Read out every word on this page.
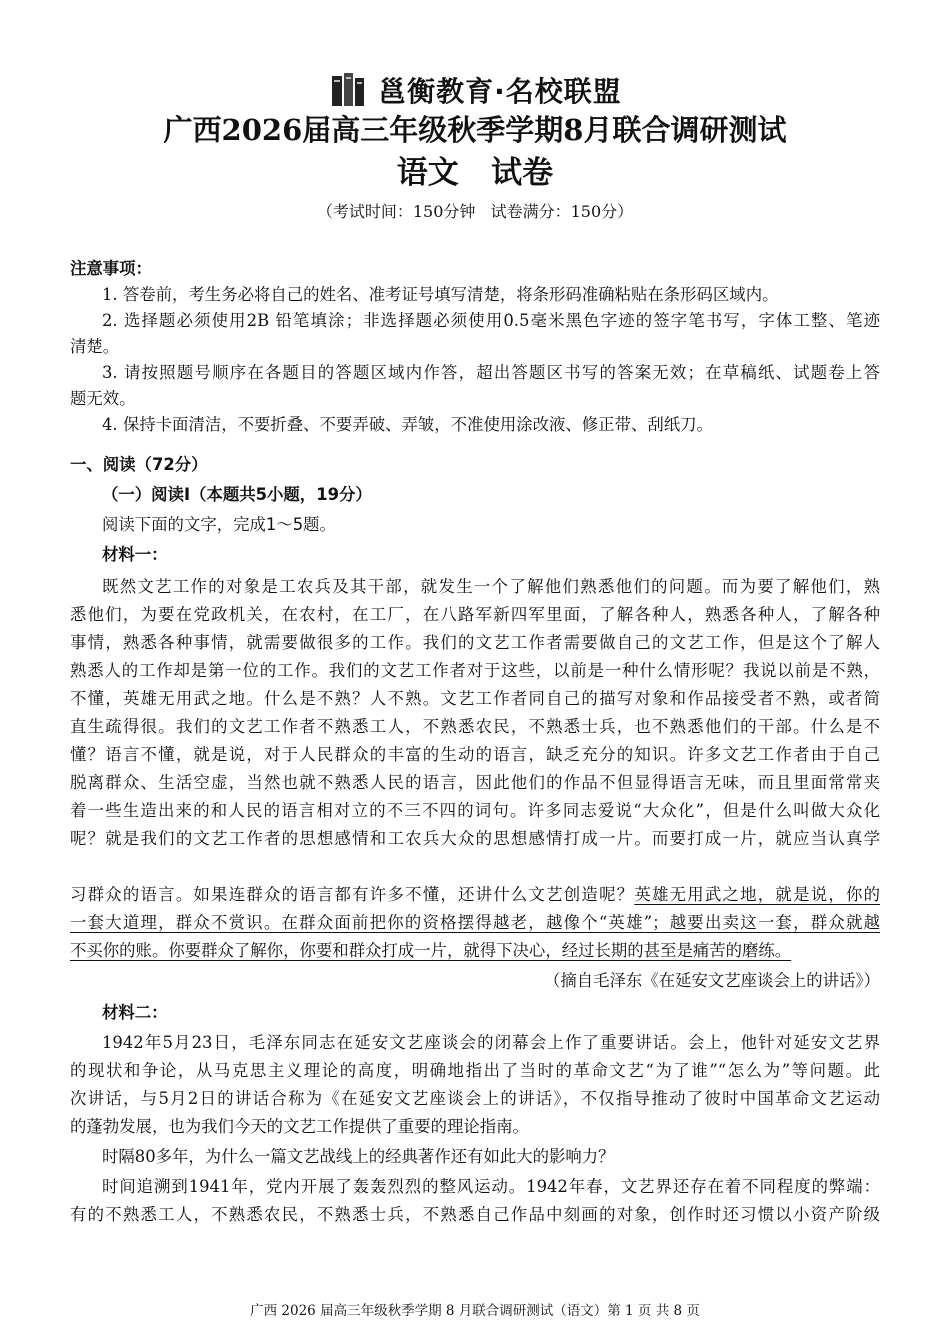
邕衡教育·名校联盟
广西2026届高三年级秋季学期8月联合调研测试
语文   试卷
（考试时间：150分钟   试卷满分：150分）
注意事项：
1. 答卷前，考生务必将自己的姓名、准考证号填写清楚，将条形码准确粘贴在条形码区域内。
2. 选择题必须使用2B 铅笔填涂；非选择题必须使用0.5毫米黑色字迹的签字笔书写，字体工整、笔迹
清楚。
3. 请按照题号顺序在各题目的答题区域内作答，超出答题区书写的答案无效；在草稿纸、试题卷上答
题无效。
4. 保持卡面清洁，不要折叠、不要弄破、弄皱，不准使用涂改液、修正带、刮纸刀。
一、阅读（72分）
（一）阅读Ⅰ（本题共5小题，19分）
阅读下面的文字，完成1～5题。
材料一：
既然文艺工作的对象是工农兵及其干部，就发生一个了解他们熟悉他们的问题。而为要了解他们，熟
悉他们，为要在党政机关，在农村，在工厂，在八路军新四军里面，了解各种人，熟悉各种人，了解各种
事情，熟悉各种事情，就需要做很多的工作。我们的文艺工作者需要做自己的文艺工作，但是这个了解人
熟悉人的工作却是第一位的工作。我们的文艺工作者对于这些，以前是一种什么情形呢？我说以前是不熟，
不懂，英雄无用武之地。什么是不熟？人不熟。文艺工作者同自己的描写对象和作品接受者不熟，或者简
直生疏得很。我们的文艺工作者不熟悉工人，不熟悉农民，不熟悉士兵，也不熟悉他们的干部。什么是不
懂？语言不懂，就是说，对于人民群众的丰富的生动的语言，缺乏充分的知识。许多文艺工作者由于自己
脱离群众、生活空虚，当然也就不熟悉人民的语言，因此他们的作品不但显得语言无味，而且里面常常夹
着一些生造出来的和人民的语言相对立的不三不四的词句。许多同志爱说“大众化”，但是什么叫做大众化
呢？就是我们的文艺工作者的思想感情和工农兵大众的思想感情打成一片。而要打成一片，就应当认真学
习群众的语言。如果连群众的语言都有许多不懂，还讲什么文艺创造呢？英雄无用武之地，就是说，你的
一套大道理，群众不赏识。在群众面前把你的资格摆得越老，越像个“英雄”；越要出卖这一套，群众就越
不买你的账。你要群众了解你，你要和群众打成一片，就得下决心，经过长期的甚至是痛苦的磨练。
（摘自毛泽东《在延安文艺座谈会上的讲话》）
材料二：
1942年5月23日，毛泽东同志在延安文艺座谈会的闭幕会上作了重要讲话。会上，他针对延安文艺界
的现状和争论，从马克思主义理论的高度，明确地指出了当时的革命文艺“为了谁”“怎么为”等问题。此
次讲话，与5月2日的讲话合称为《在延安文艺座谈会上的讲话》，不仅指导推动了彼时中国革命文艺运动
的蓬勃发展，也为我们今天的文艺工作提供了重要的理论指南。
时隔80多年，为什么一篇文艺战线上的经典著作还有如此大的影响力？
时间追溯到1941年，党内开展了轰轰烈烈的整风运动。1942年春，文艺界还存在着不同程度的弊端：
有的不熟悉工人，不熟悉农民，不熟悉士兵，不熟悉自己作品中刻画的对象，创作时还习惯以小资产阶级
广西 2026 届高三年级秋季学期 8 月联合调研测试（语文）第 1 页 共 8 页
